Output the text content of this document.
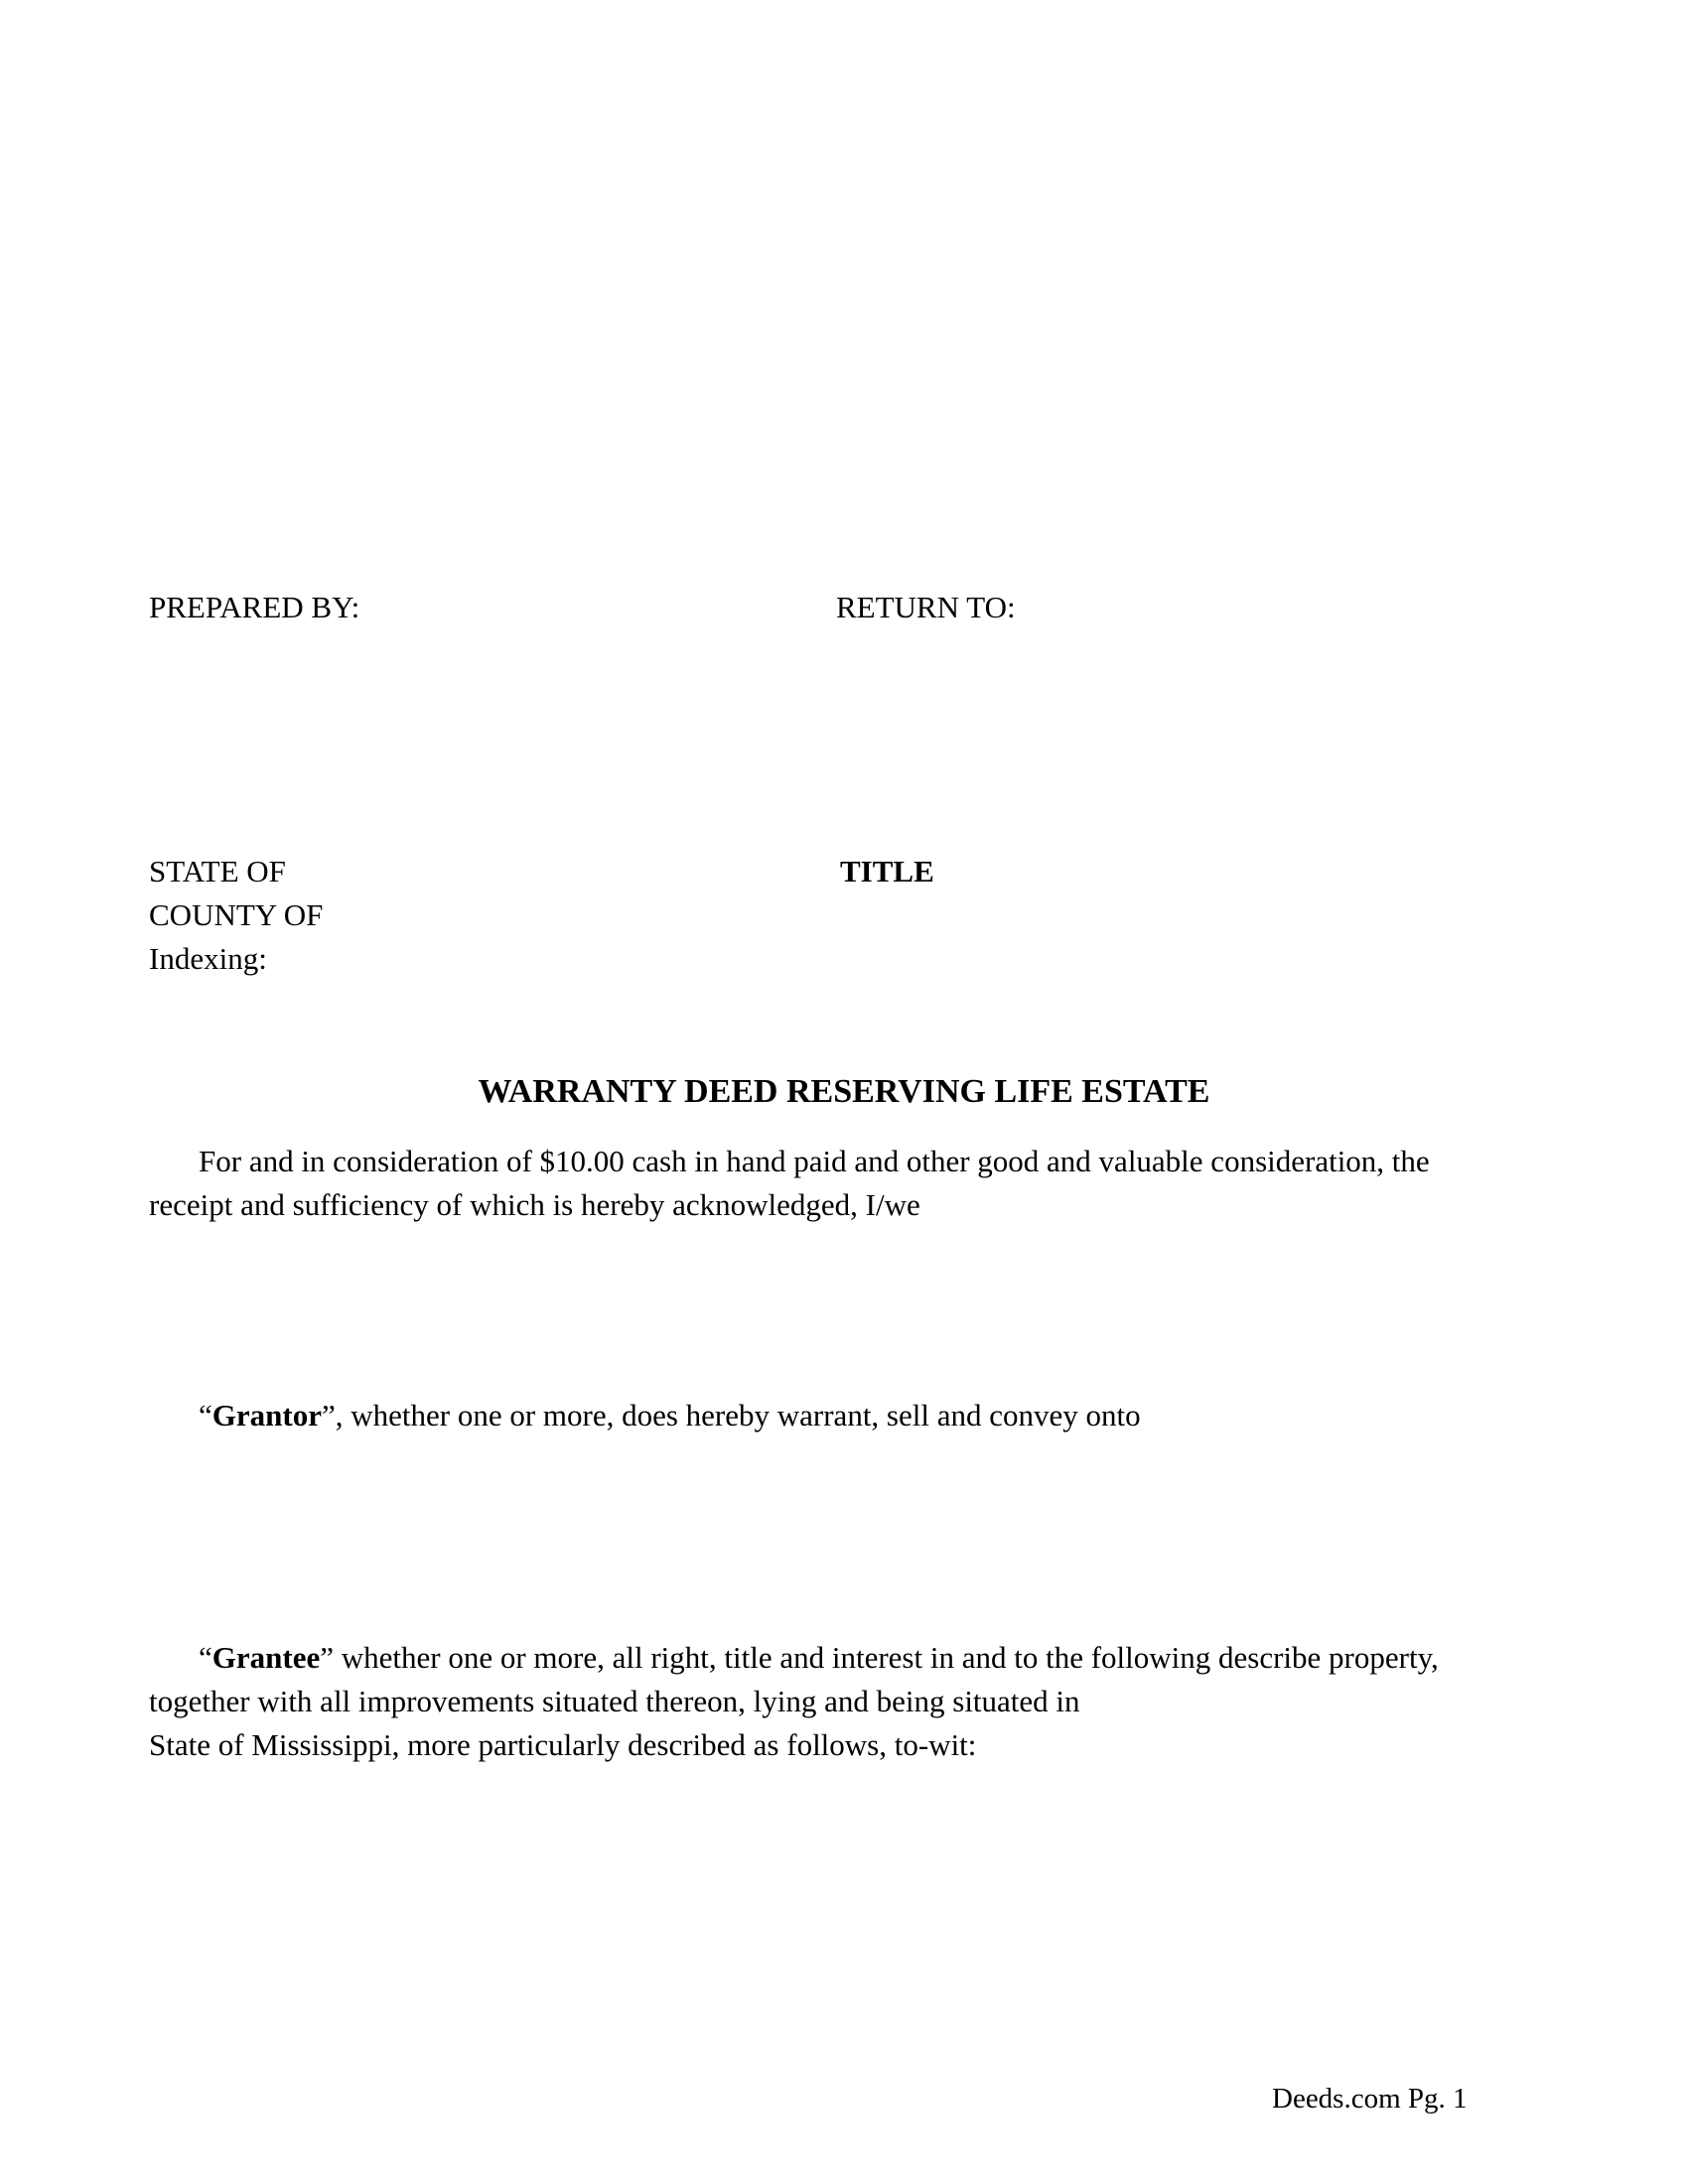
PREPARED BY:	RETURN TO:
STATE OF	TITLE
COUNTY OF
Indexing:
WARRANTY DEED RESERVING LIFE ESTATE
For and in consideration of $10.00 cash in hand paid and other good and valuable consideration, the
receipt and sufficiency of which is hereby acknowledged, I/we
“Grantor”, whether one or more, does hereby warrant, sell and convey onto
“Grantee” whether one or more, all right, title and interest in and to the following describe property,
together with all improvements situated thereon, lying and being situated in
State of Mississippi, more particularly described as follows, to-wit:
Deeds.com Pg. 1
